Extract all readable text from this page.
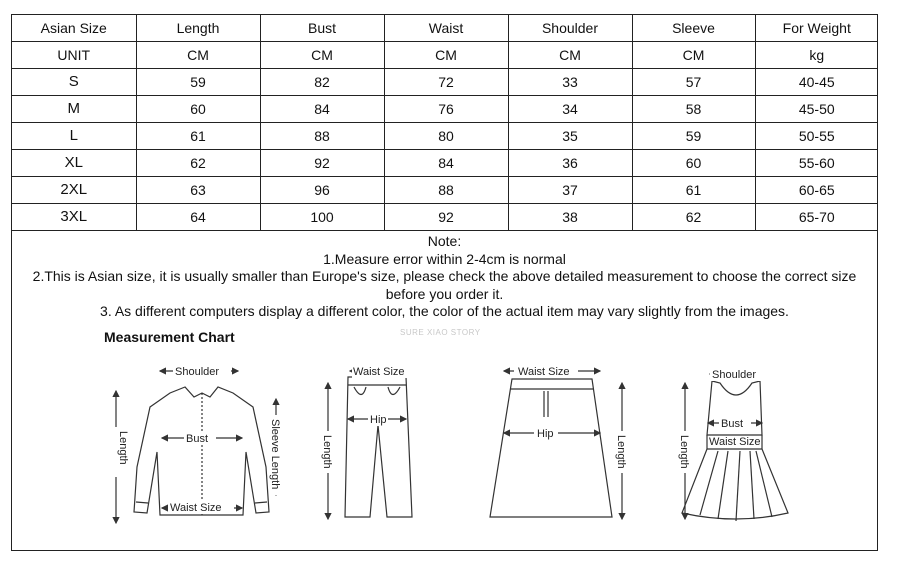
Asian Size	Length	Bust	Waist	Shoulder	Sleeve	For Weight
UNIT	CM	CM	CM	CM	CM	kg
S	59	82	72	33	57	40-45
M	60	84	76	34	58	45-50
L	61	88	80	35	59	50-55
XL	62	92	84	36	60	55-60
2XL	63	96	88	37	61	60-65
3XL	64	100	92	38	62	65-70
Note:
1.Measure error within 2-4cm is normal
2.This is Asian size, it is usually smaller than Europe's size, please check the above detailed measurement to choose the correct size before you order it.
3. As different computers display a different color, the color of the actual item may vary slightly from the images.
Measurement Chart	SURE XIAO STORY
Shoulder
Bust
Waist Size
Length	Sleeve Length
Waist Size
Hip
Length
Waist Size
Hip
Length
Shoulder
Bust
Waist Size
Length
